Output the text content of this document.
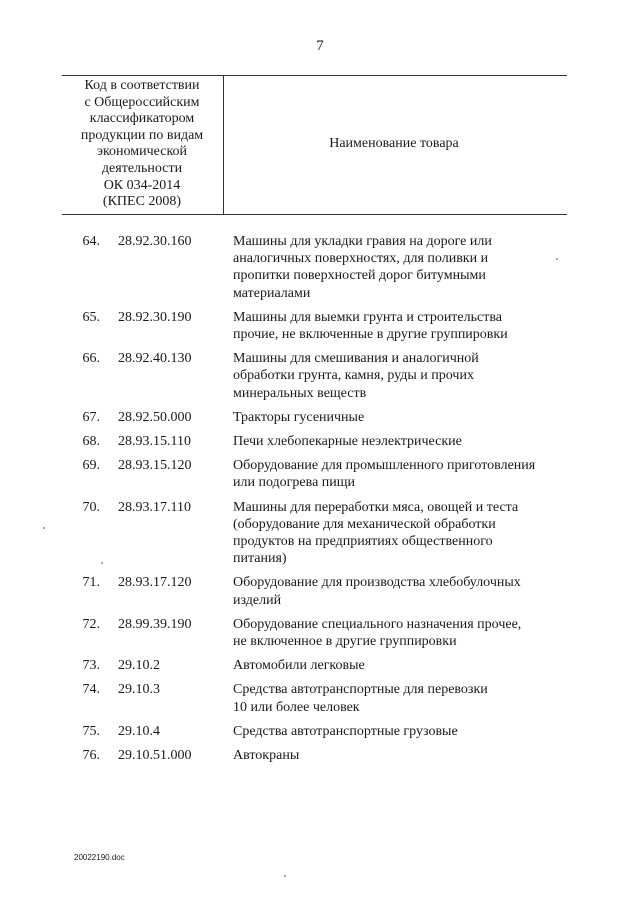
7
Код в соответствии
с Общероссийским
классификатором
продукции по видам
экономической
деятельности
ОК 034-2014
(КПЕС 2008)
Наименование товара
64. 28.92.30.160	Машины для укладки гравия на дороге или
аналогичных поверхностях, для поливки и
пропитки поверхностей дорог битумными
материалами
65. 28.92.30.190	Машины для выемки грунта и строительства
прочие, не включенные в другие группировки
66. 28.92.40.130	Машины для смешивания и аналогичной
обработки грунта, камня, руды и прочих
минеральных веществ
67. 28.92.50.000	Тракторы гусеничные
68. 28.93.15.110	Печи хлебопекарные неэлектрические
69. 28.93.15.120	Оборудование для промышленного приготовления
или подогрева пищи
70. 28.93.17.110	Машины для переработки мяса, овощей и теста
(оборудование для механической обработки
продуктов на предприятиях общественного
питания)
71. 28.93.17.120	Оборудование для производства хлебобулочных
изделий
72. 28.99.39.190	Оборудование специального назначения прочее,
не включенное в другие группировки
73. 29.10.2	Автомобили легковые
74. 29.10.3	Средства автотранспортные для перевозки
10 или более человек
75. 29.10.4	Средства автотранспортные грузовые
76. 29.10.51.000	Автокраны
20022190.doc
